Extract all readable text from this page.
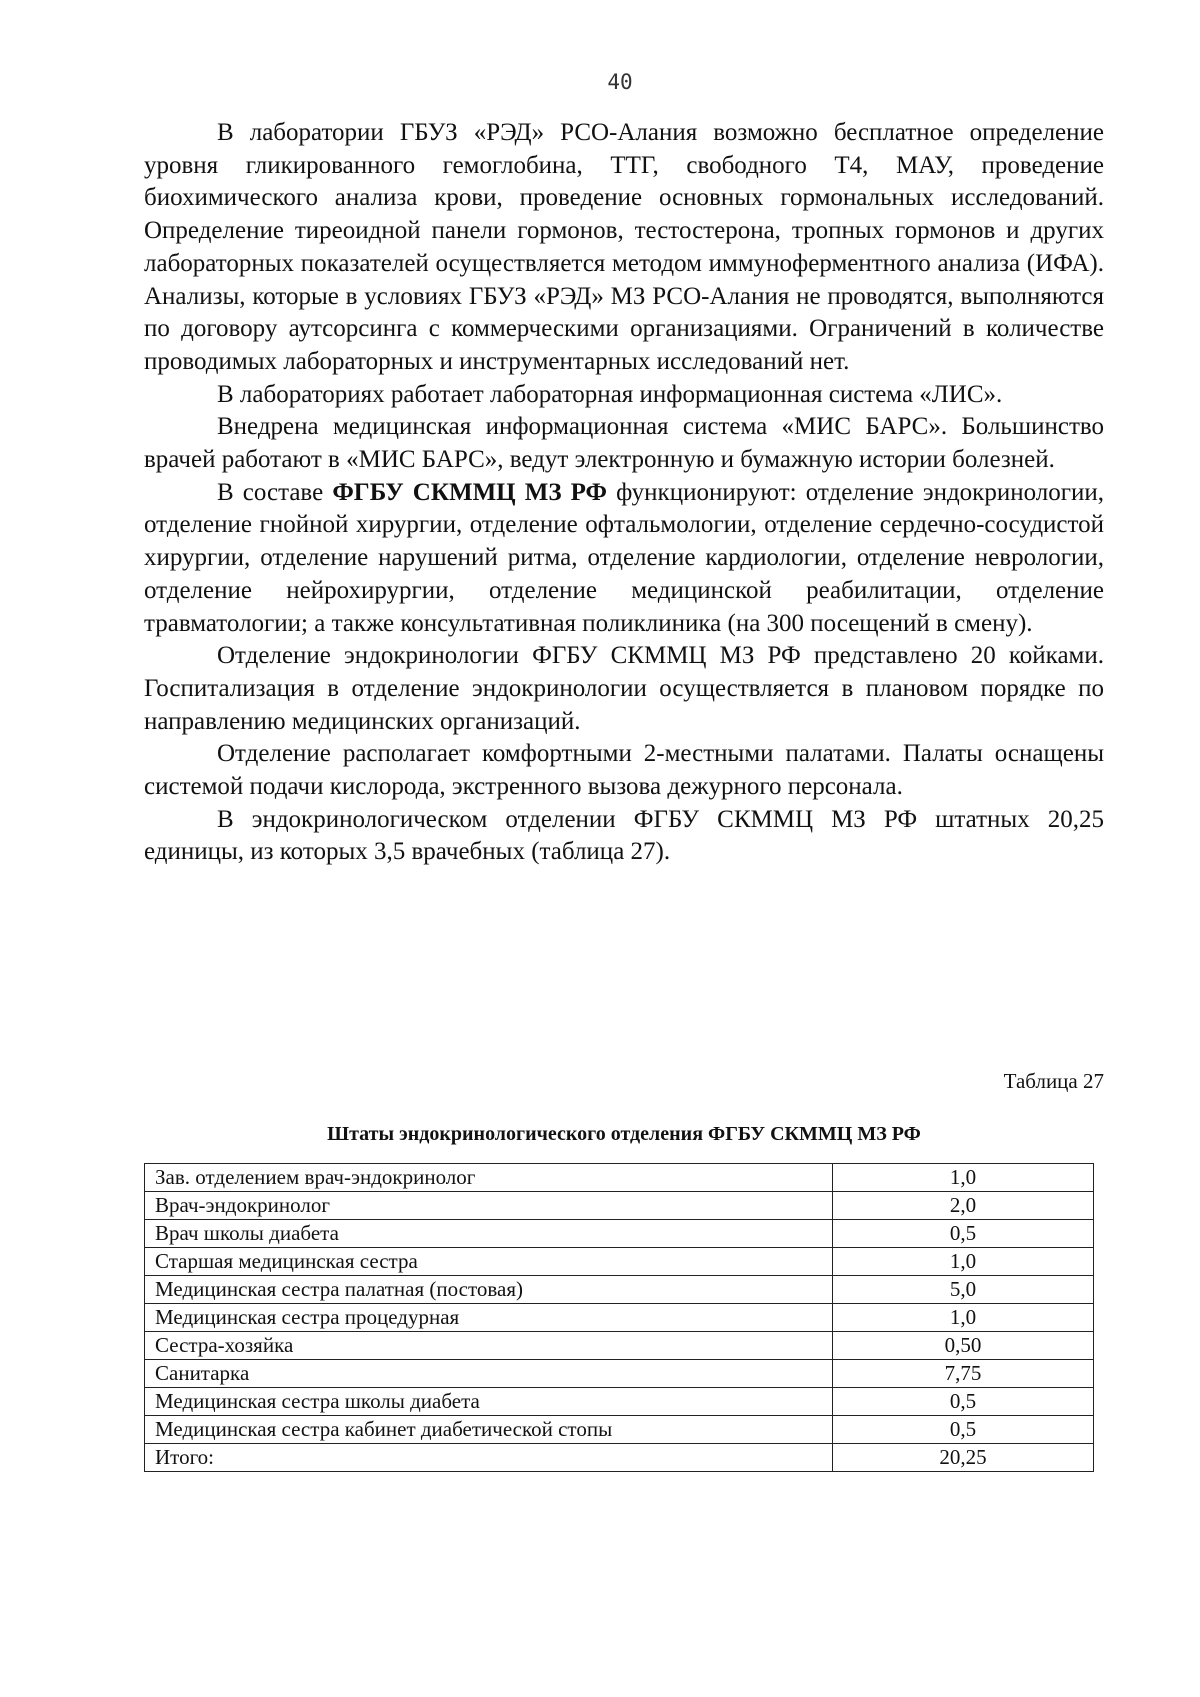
40

В лаборатории ГБУЗ «РЭД» РСО-Алания возможно бесплатное определение уровня гликированного гемоглобина, ТТГ, свободного Т4, МАУ, проведение биохимического анализа крови, проведение основных гормональных исследований. Определение тиреоидной панели гормонов, тестостерона, тропных гормонов и других лабораторных показателей осуществляется методом иммуноферментного анализа (ИФА). Анализы, которые в условиях ГБУЗ «РЭД» МЗ РСО-Алания не проводятся, выполняются по договору аутсорсинга с коммерческими организациями. Ограничений в количестве проводимых лабораторных и инструментарных исследований нет.

В лабораториях работает лабораторная информационная система «ЛИС».

Внедрена медицинская информационная система «МИС БАРС». Большинство врачей работают в «МИС БАРС», ведут электронную и бумажную истории болезней.

В составе ФГБУ СКММЦ МЗ РФ функционируют: отделение эндокринологии, отделение гнойной хирургии, отделение офтальмологии, отделение сердечно-сосудистой хирургии, отделение нарушений ритма, отделение кардиологии, отделение неврологии, отделение нейрохирургии, отделение медицинской реабилитации, отделение травматологии; а также консультативная поликлиника (на 300 посещений в смену).

Отделение эндокринологии ФГБУ СКММЦ МЗ РФ представлено 20 койками. Госпитализация в отделение эндокринологии осуществляется в плановом порядке по направлению медицинских организаций.

Отделение располагает комфортными 2-местными палатами. Палаты оснащены системой подачи кислорода, экстренного вызова дежурного персонала.

В эндокринологическом отделении ФГБУ СКММЦ МЗ РФ штатных 20,25 единицы, из которых 3,5 врачебных (таблица 27).

Таблица 27
Штаты эндокринологического отделения ФГБУ СКММЦ МЗ РФ
Зав. отделением врач-эндокринолог	1,0
Врач-эндокринолог	2,0
Врач школы диабета	0,5
Старшая медицинская сестра	1,0
Медицинская сестра палатная (постовая)	5,0
Медицинская сестра процедурная	1,0
Сестра-хозяйка	0,50
Санитарка	7,75
Медицинская сестра школы диабета	0,5
Медицинская сестра кабинет диабетической стопы	0,5
Итого:	20,25
